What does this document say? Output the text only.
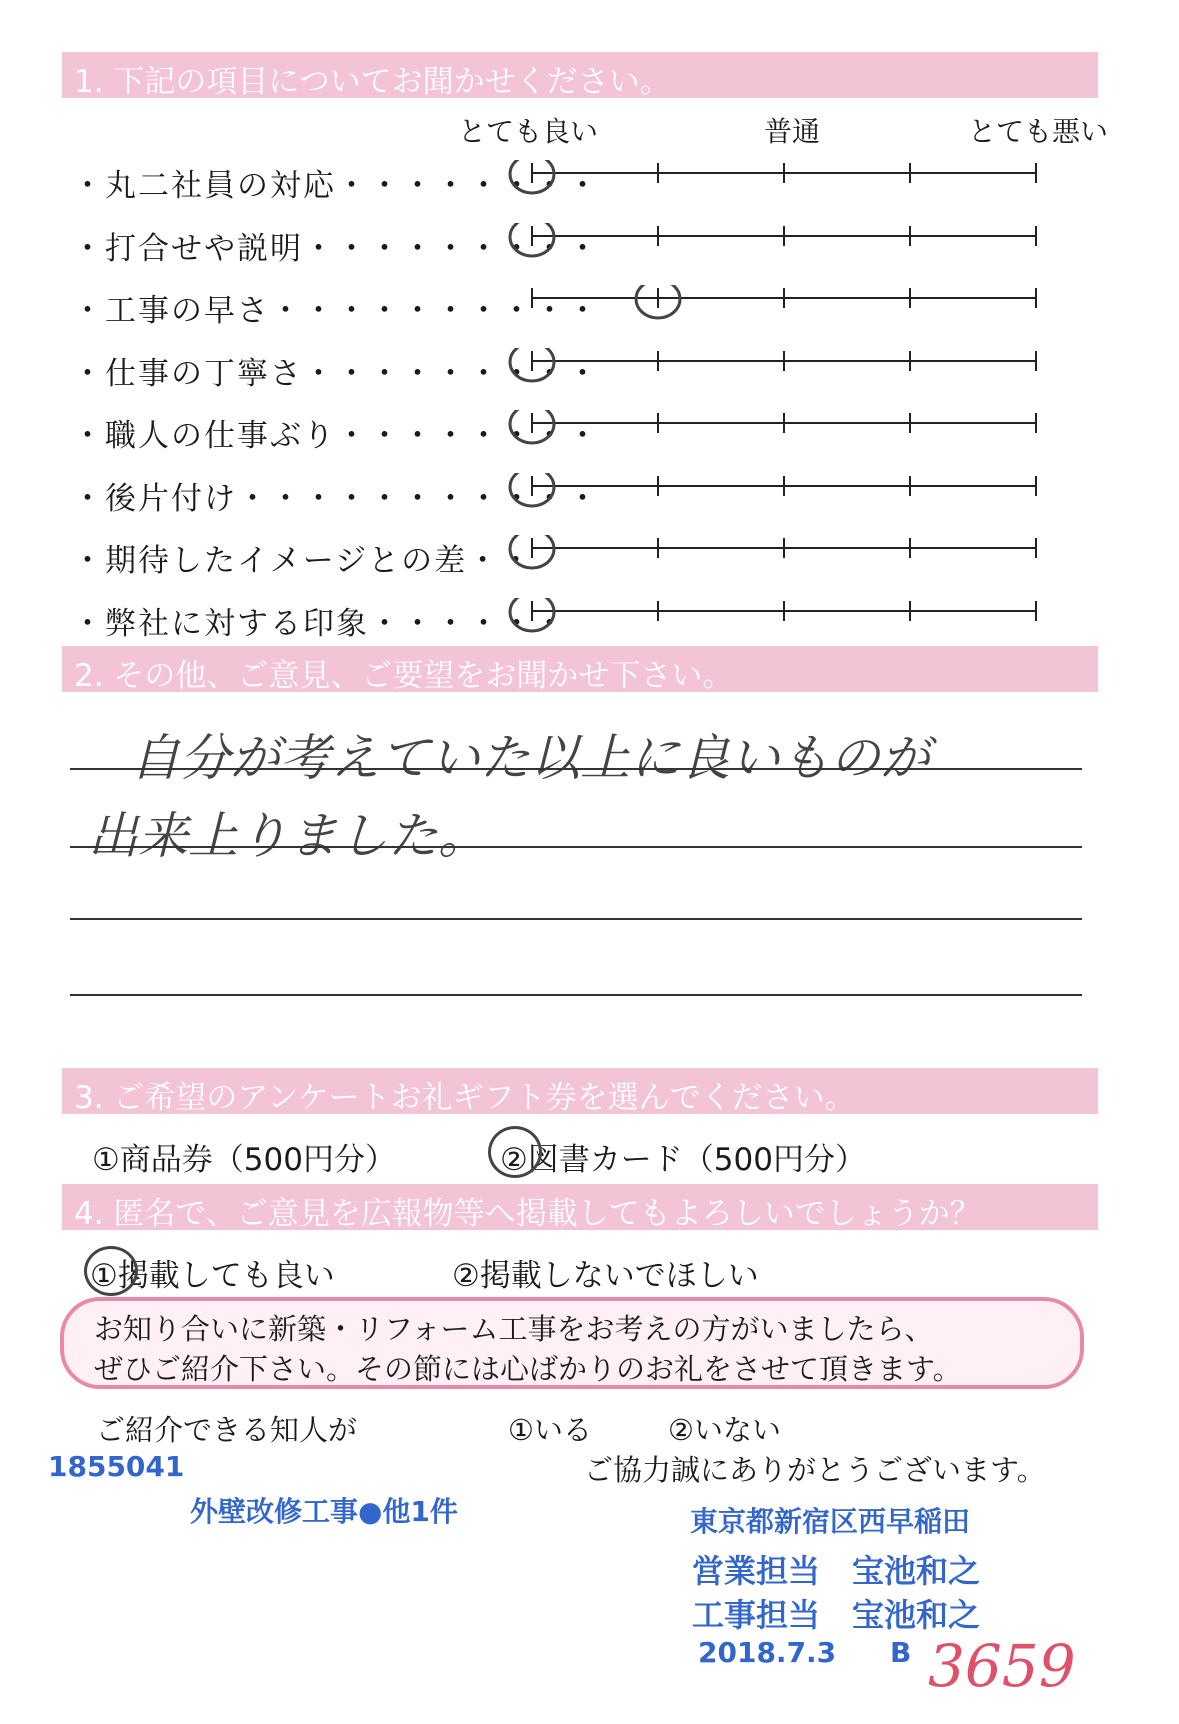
1. 下記の項目についてお聞かせください。
とても良い	普通	とても悪い
・丸二社員の対応・・・・・・・・
・打合せや説明・・・・・・・・・
・工事の早さ・・・・・・・・・・
・仕事の丁寧さ・・・・・・・・・
・職人の仕事ぶり・・・・・・・・
・後片付け・・・・・・・・・・・
・期待したイメージとの差・・
・弊社に対する印象・・・・・・
2. その他、ご意見、ご要望をお聞かせ下さい。
自分が考えていた以上に良いものが
出来上りました。
3. ご希望のアンケートお礼ギフト券を選んでください。
①商品券（500円分）	②図書カード（500円分）
4. 匿名で、ご意見を広報物等へ掲載してもよろしいでしょうか？
①掲載しても良い	②掲載しないでほしい
お知り合いに新築・リフォーム工事をお考えの方がいましたら、
ぜひご紹介下さい。その節には心ばかりのお礼をさせて頂きます。
ご紹介できる知人が	①いる	②いない
ご協力誠にありがとうございます。
1855041
外壁改修工事●他1件	東京都新宿区西早稲田
営業担当　宝池和之
工事担当　宝池和之
2018.7.3 B 3659
